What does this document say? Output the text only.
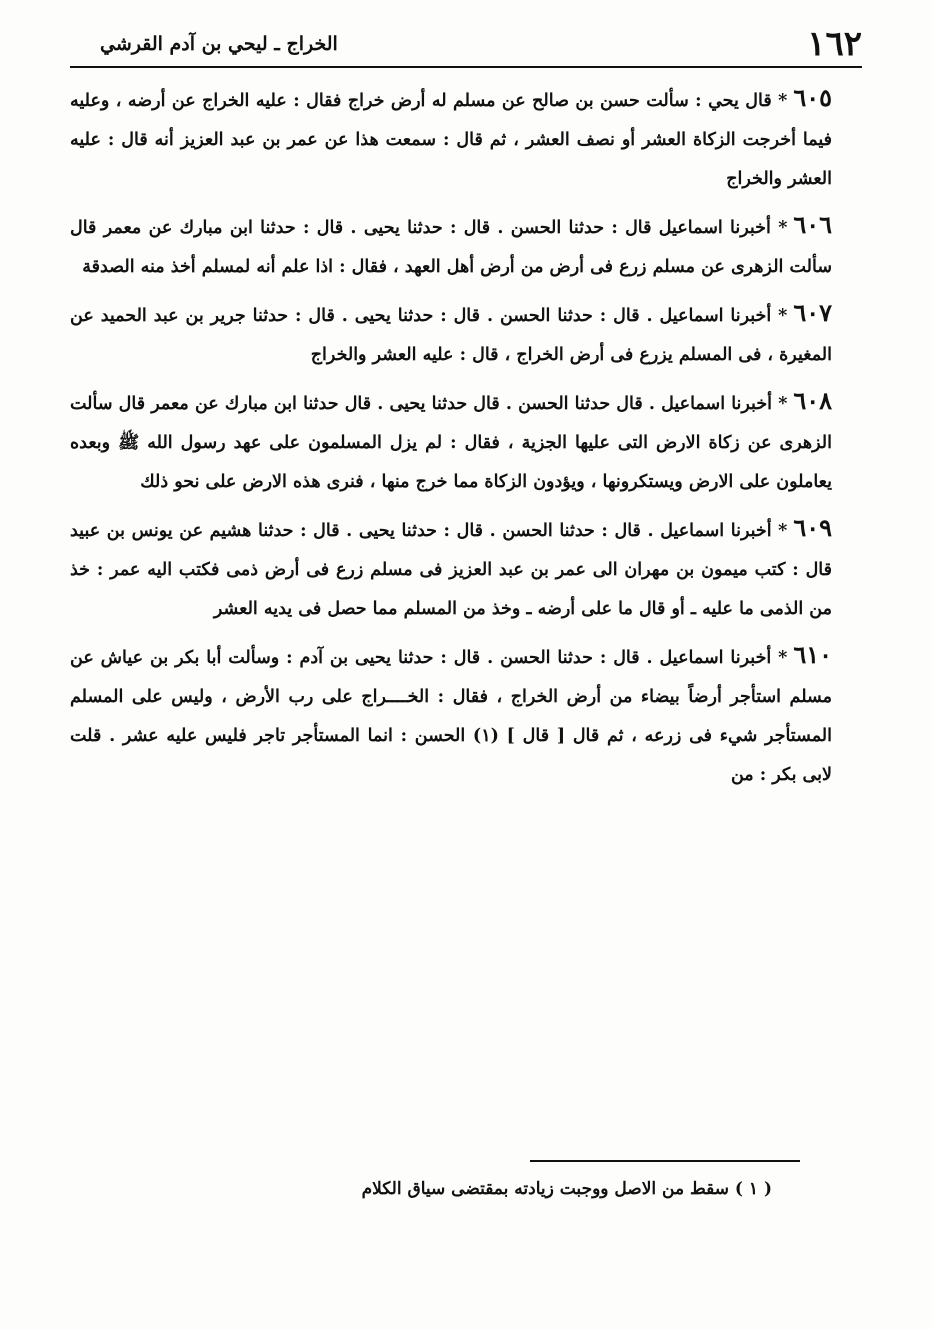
١٦٢
الخراج ـ ليحي بن آدم القرشي

٦٠٥* قال يحي : سألت حسن بن صالح عن مسلم له أرض خراج فقال : عليه الخراج عن أرضه ، وعليه فيما أخرجت الزكاة العشر أو نصف العشر ، ثم قال : سمعت هذا عن عمر بن عبد العزيز أنه قال : عليه العشر والخراج

٦٠٦* أخبرنا اسماعيل قال : حدثنا الحسن . قال : حدثنا يحيى . قال : حدثنا ابن مبارك عن معمر قال سألت الزهرى عن مسلم زرع فى أرض من أرض أهل العهد ، فقال : اذا علم أنه لمسلم أخذ منه الصدقة

٦٠٧* أخبرنا اسماعيل . قال : حدثنا الحسن . قال : حدثنا يحيى . قال : حدثنا جرير بن عبد الحميد عن المغيرة ، فى المسلم يزرع فى أرض الخراج ، قال : عليه العشر والخراج

٦٠٨* أخبرنا اسماعيل . قال حدثنا الحسن . قال حدثنا يحيى . قال حدثنا ابن مبارك عن معمر قال سألت الزهرى عن زكاة الارض التى عليها الجزية ، فقال : لم يزل المسلمون على عهد رسول الله ﷺ وبعده يعاملون على الارض ويستكرونها ، ويؤدون الزكاة مما خرج منها ، فنرى هذه الارض على نحو ذلك

٦٠٩* أخبرنا اسماعيل . قال : حدثنا الحسن . قال : حدثنا يحيى . قال : حدثنا هشيم عن يونس بن عبيد قال : كتب ميمون بن مهران الى عمر بن عبد العزيز فى مسلم زرع فى أرض ذمى فكتب اليه عمر : خذ من الذمى ما عليه ـ أو قال ما على أرضه ـ وخذ من المسلم مما حصل فى يديه العشر

٦١٠* أخبرنا اسماعيل . قال : حدثنا الحسن . قال : حدثنا يحيى بن آدم : وسألت أبا بكر بن عياش عن مسلم استأجر أرضاً بيضاء من أرض الخراج ، فقال : الخــــراج على رب الأرض ، وليس على المسلم المستأجر شيء فى زرعه ، ثم قال [ قال ] (١) الحسن : انما المستأجر تاجر فليس عليه عشر . قلت لابى بكر : من

( ١ ) سقط من الاصل ووجبت زيادته بمقتضى سياق الكلام
